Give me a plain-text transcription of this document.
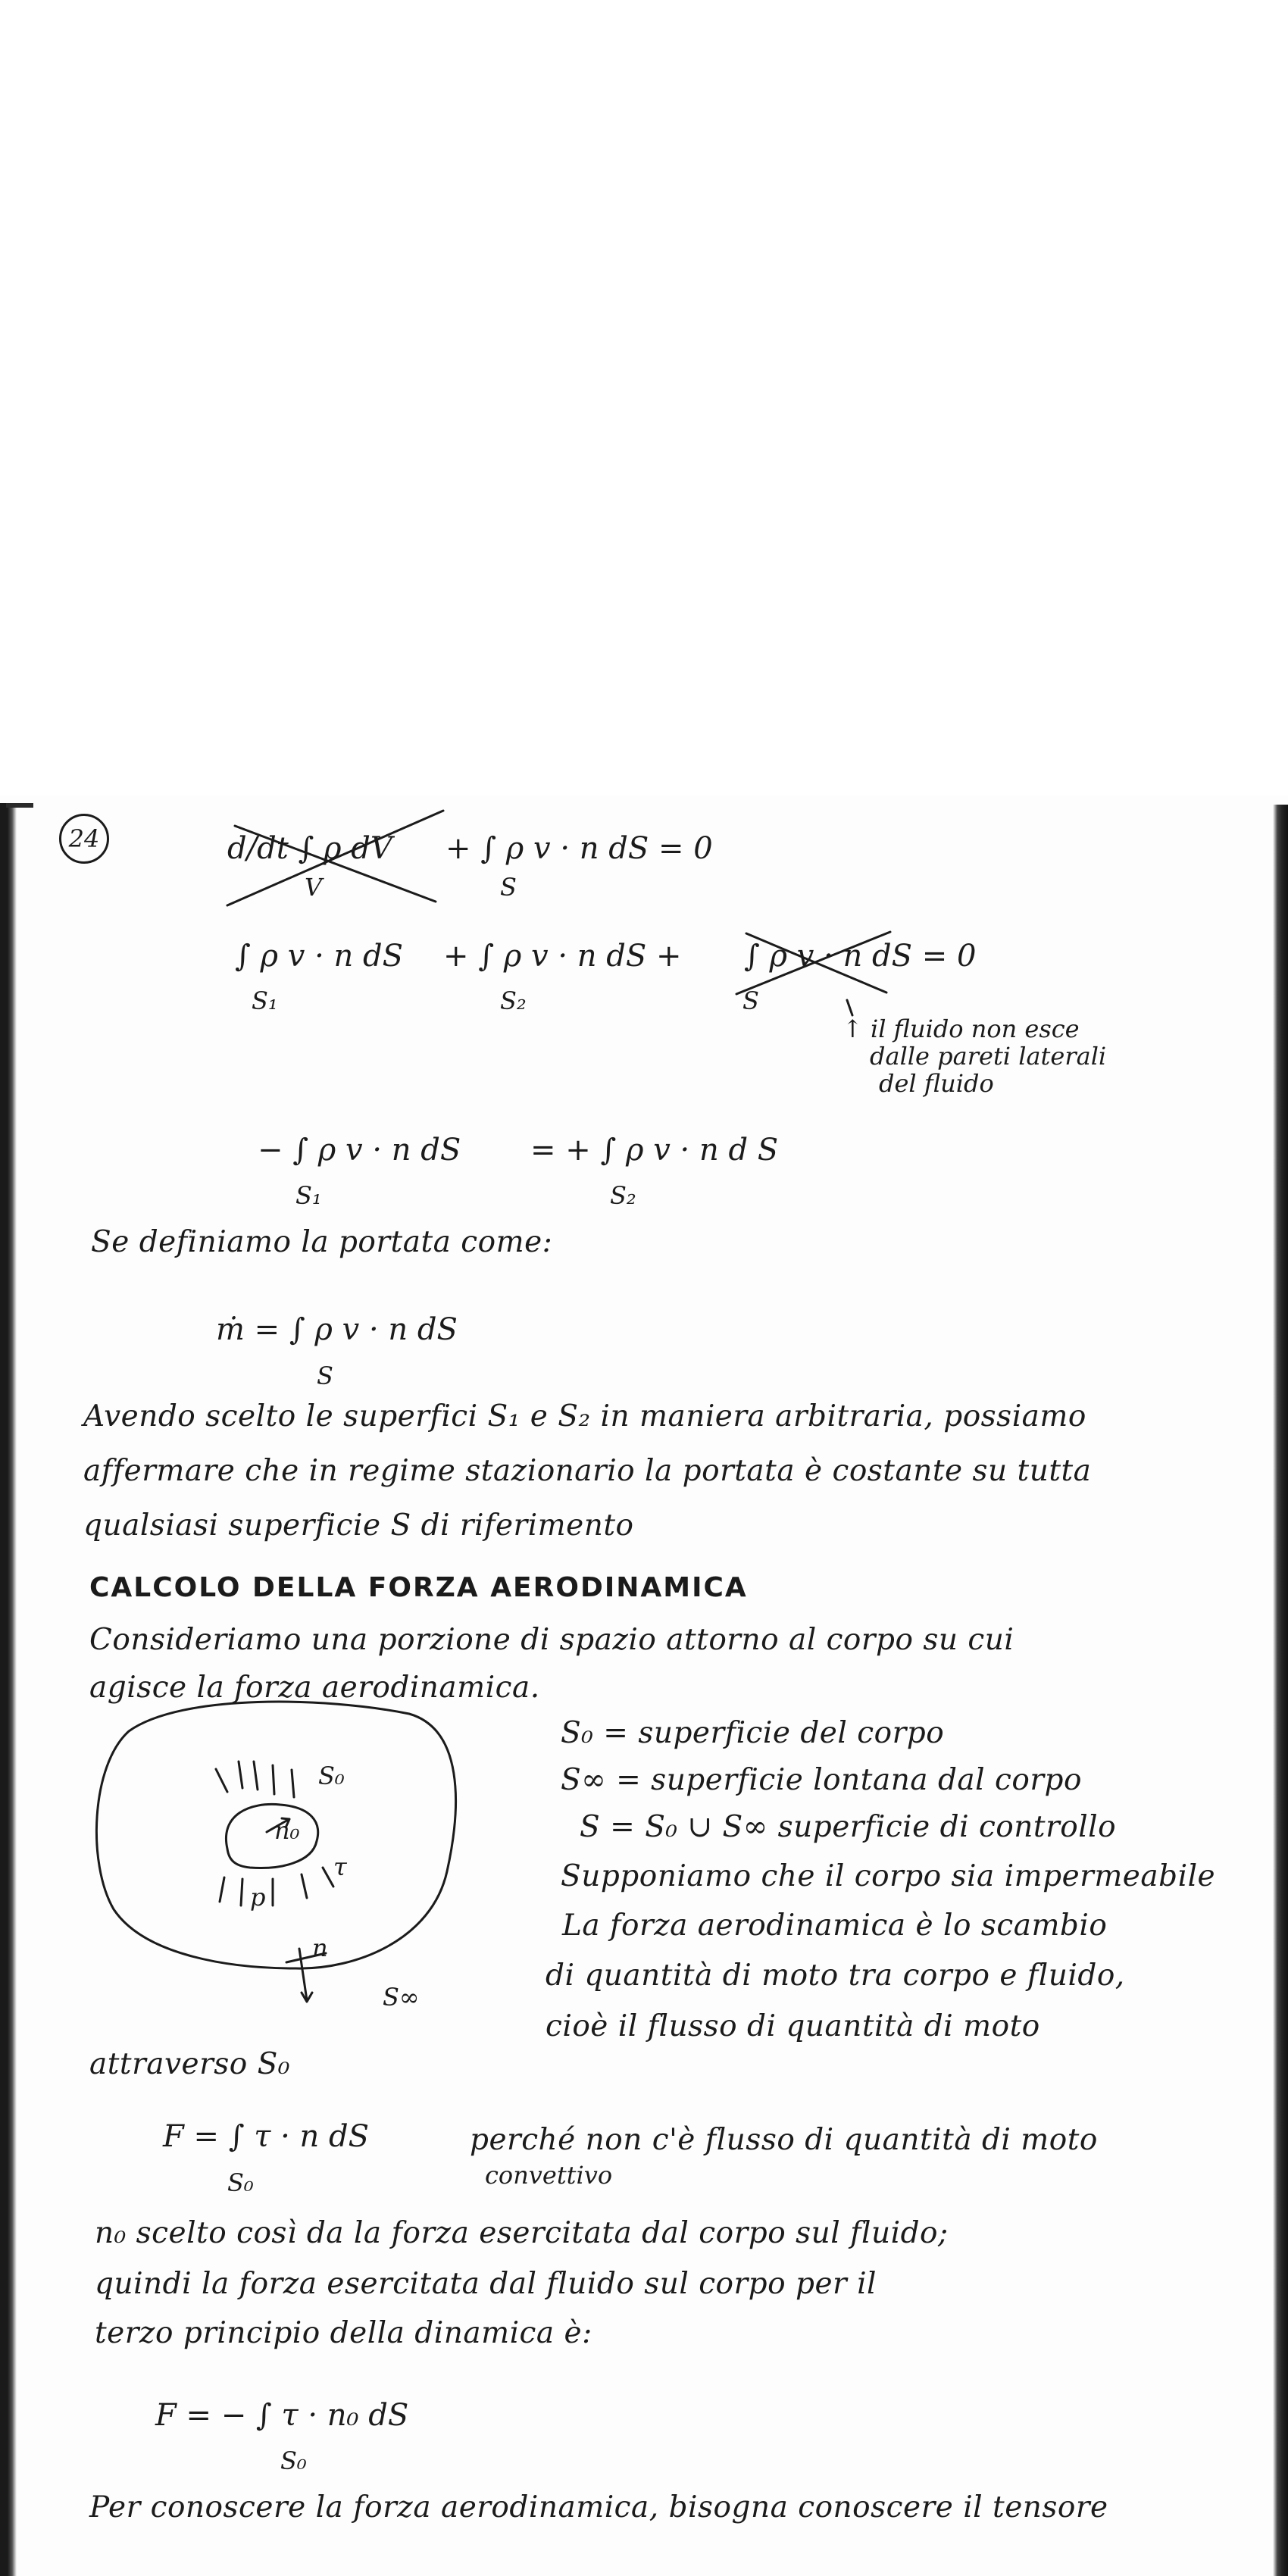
24	d/dt ∫ ρ dV
V
+ ∫ ρ v · n dS = 0
S
∫ ρ v · n dS
S₁
+ ∫ ρ v · n dS +
S₂
∫ ρ v · n dS = 0
S
↑ il fluido non esce
dalle pareti laterali
del fluido
− ∫ ρ v · n dS
S₁
= + ∫ ρ v · n d S
S₂
Se definiamo la portata come:
ṁ = ∫ ρ v · n dS
S
Avendo scelto le superfici S₁ e S₂ in maniera arbitraria, possiamo
affermare che in regime stazionario la portata è costante su tutta
qualsiasi superficie S di riferimento
CALCOLO DELLA FORZA AERODINAMICA
Consideriamo una porzione di spazio attorno al corpo su cui
agisce la forza aerodinamica.
S₀
n₀
n
S∞
p
τ
S₀ = superficie del corpo
S∞ = superficie lontana dal corpo
S = S₀ ∪ S∞ superficie di controllo
Supponiamo che il corpo sia impermeabile
La forza aerodinamica è lo scambio
di quantità di moto tra corpo e fluido,
cioè il flusso di quantità di moto
attraverso S₀
F = ∫ τ · n dS
S₀
perché non c'è flusso di quantità di moto
convettivo
n₀ scelto così da la forza esercitata dal corpo sul fluido;
quindi la forza esercitata dal fluido sul corpo per il
terzo principio della dinamica è:
F = − ∫ τ · n₀ dS
S₀
Per conoscere la forza aerodinamica, bisogna conoscere il tensore
